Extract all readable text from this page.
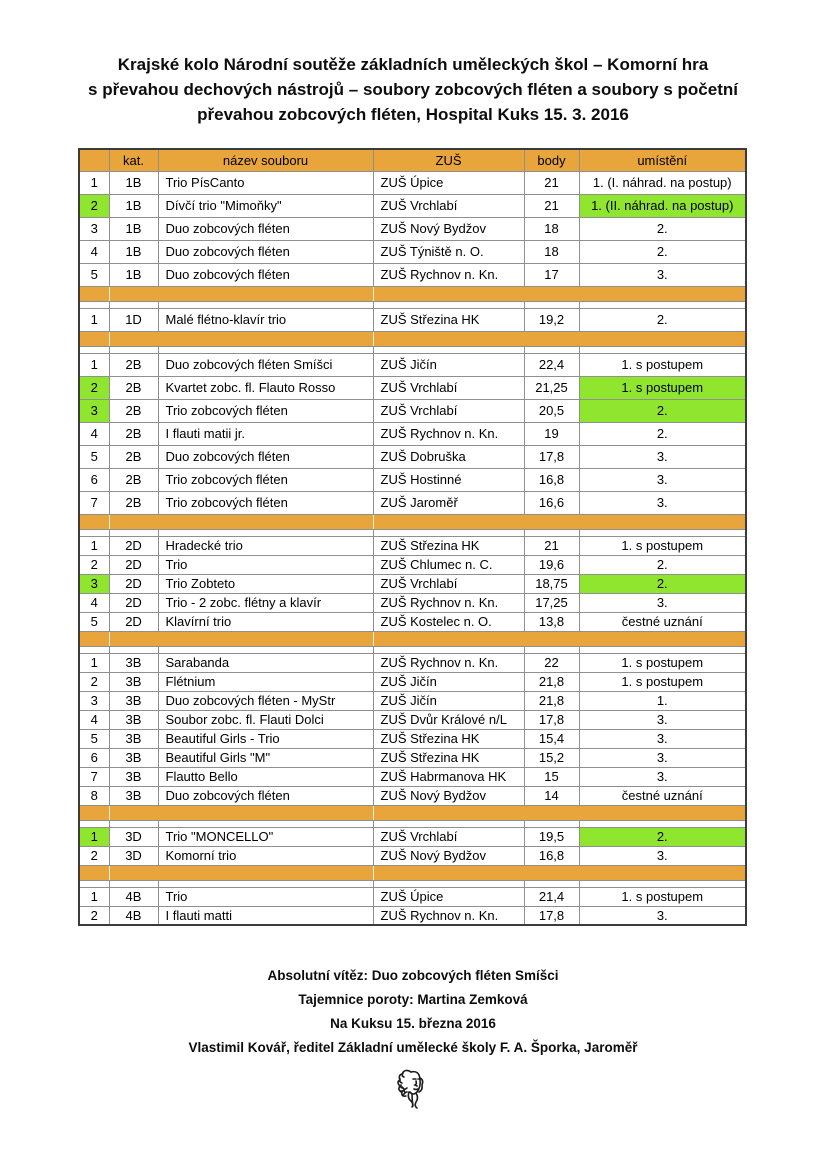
Krajské kolo Národní soutěže základních uměleckých škol – Komorní hra
s převahou dechových nástrojů – soubory zobcových fléten a soubory s početní
převahou zobcových fléten, Hospital Kuks 15. 3. 2016
	kat.	název souboru	ZUŠ	body	umístění
1	1B	Trio PísCanto	ZUŠ Úpice	21	1. (I. náhrad. na postup)
2	1B	Dívčí trio "Mimoňky"	ZUŠ Vrchlabí	21	1. (II. náhrad. na postup)
3	1B	Duo zobcových fléten	ZUŠ Nový Bydžov	18	2.
4	1B	Duo zobcových fléten	ZUŠ Týniště n. O.	18	2.
5	1B	Duo zobcových fléten	ZUŠ Rychnov n. Kn.	17	3.

1	1D	Malé flétno-klavír trio	ZUŠ Střezina HK	19,2	2.

1	2B	Duo zobcových fléten Smíšci	ZUŠ Jičín	22,4	1. s postupem
2	2B	Kvartet zobc. fl. Flauto Rosso	ZUŠ Vrchlabí	21,25	1. s postupem
3	2B	Trio zobcových fléten	ZUŠ Vrchlabí	20,5	2.
4	2B	I flauti matii jr.	ZUŠ Rychnov n. Kn.	19	2.
5	2B	Duo zobcových fléten	ZUŠ Dobruška	17,8	3.
6	2B	Trio zobcových fléten	ZUŠ Hostinné	16,8	3.
7	2B	Trio zobcových fléten	ZUŠ Jaroměř	16,6	3.

1	2D	Hradecké trio	ZUŠ Střezina HK	21	1. s postupem
2	2D	Trio	ZUŠ Chlumec n. C.	19,6	2.
3	2D	Trio Zobteto	ZUŠ Vrchlabí	18,75	2.
4	2D	Trio - 2 zobc. flétny a klavír	ZUŠ Rychnov n. Kn.	17,25	3.
5	2D	Klavírní trio	ZUŠ Kostelec n. O.	13,8	čestné uznání

1	3B	Sarabanda	ZUŠ Rychnov n. Kn.	22	1. s postupem
2	3B	Flétnium	ZUŠ Jičín	21,8	1. s postupem
3	3B	Duo zobcových fléten - MyStr	ZUŠ Jičín	21,8	1.
4	3B	Soubor zobc. fl. Flauti Dolci	ZUŠ Dvůr Králové n/L	17,8	3.
5	3B	Beautiful Girls - Trio	ZUŠ Střezina HK	15,4	3.
6	3B	Beautiful Girls "M"	ZUŠ Střezina HK	15,2	3.
7	3B	Flautto Bello	ZUŠ Habrmanova HK	15	3.
8	3B	Duo zobcových fléten	ZUŠ Nový Bydžov	14	čestné uznání

1	3D	Trio "MONCELLO"	ZUŠ Vrchlabí	19,5	2.
2	3D	Komorní trio	ZUŠ Nový Bydžov	16,8	3.

1	4B	Trio	ZUŠ Úpice	21,4	1. s postupem
2	4B	I flauti matti	ZUŠ Rychnov n. Kn.	17,8	3.
Absolutní vítěz: Duo zobcových fléten Smíšci
Tajemnice poroty: Martina Zemková
Na Kuksu 15. března 2016
Vlastimil Kovář, ředitel Základní umělecké školy F. A. Šporka, Jaroměř
